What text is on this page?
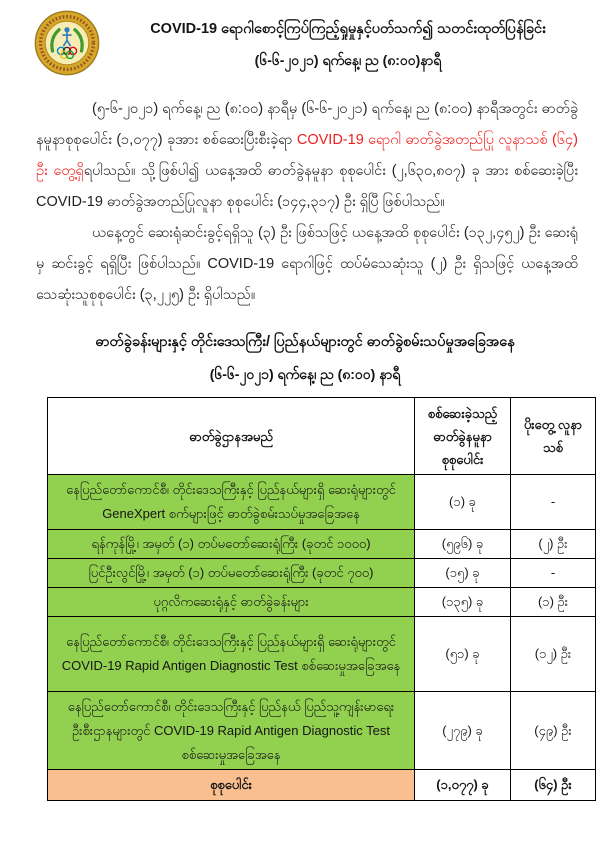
COVID-19 ရောဂါစောင့်ကြပ်ကြည့်ရှုမှုနှင့်ပတ်သက်၍ သတင်းထုတ်ပြန်ခြင်း
(၆-၆-၂၀၂၁) ရက်နေ့၊ ည (၈:၀၀)နာရီ

(၅-၆-၂၀၂၁) ရက်နေ့၊ ည (၈:၀၀) နာရီမှ (၆-၆-၂၀၂၁) ရက်နေ့၊ ည (၈:၀၀) နာရီအတွင်း ဓာတ်ခွဲနမူနာစုစုပေါင်း (၁,၀၇၇) ခုအား စစ်ဆေးပြီးစီးခဲ့ရာ COVID-19 ရောဂါ ဓာတ်ခွဲအတည်ပြု လူနာသစ် (၆၄) ဦး တွေ့ရှိရပါသည်။ သို့ဖြစ်ပါ၍ ယနေ့အထိ ဓာတ်ခွဲနမူနာ စုစုပေါင်း (၂,၆၃၀,၈၀၇) ခု အား စစ်ဆေးခဲ့ပြီး COVID-19 ဓာတ်ခွဲအတည်ပြုလူနာ စုစုပေါင်း (၁၄၄,၃၁၇) ဦး ရှိပြီ ဖြစ်ပါသည်။

ယနေ့တွင် ဆေးရုံဆင်းခွင့်ရရှိသူ (၃) ဦး ဖြစ်သဖြင့် ယနေ့အထိ စုစုပေါင်း (၁၃၂,၄၅၂) ဦး ဆေးရုံမှ ဆင်းခွင့် ရရှိပြီး ဖြစ်ပါသည်။ COVID-19 ရောဂါဖြင့် ထပ်မံသေဆုံးသူ (၂) ဦး ရှိသဖြင့် ယနေ့အထိ သေဆုံးသူစုစုပေါင်း (၃,၂၂၅) ဦး ရှိပါသည်။

ဓာတ်ခွဲခန်းများနှင့် တိုင်းဒေသကြီး/ ပြည်နယ်များတွင် ဓာတ်ခွဲစမ်းသပ်မှုအခြေအနေ
(၆-၆-၂၀၂၁) ရက်နေ့၊ ည (၈:၀၀) နာရီ
ဓာတ်ခွဲဌာနအမည်	စစ်ဆေးခဲ့သည့် ဓာတ်ခွဲနမူနာ စုစုပေါင်း	ပိုးတွေ့ လူနာသစ်
နေပြည်တော်ကောင်စီ၊ တိုင်းဒေသကြီးနှင့် ပြည်နယ်များရှိ ဆေးရုံများတွင် GeneXpert စက်များဖြင့် ဓာတ်ခွဲစမ်းသပ်မှုအခြေအနေ	(၁) ခု	-
ရန်ကုန်မြို့၊ အမှတ် (၁) တပ်မတော်ဆေးရုံကြီး (ခုတင် ၁၀၀၀)	(၅၉၆) ခု	(၂) ဦး
ပြင်ဦးလွင်မြို့၊ အမှတ် (၁) တပ်မတော်ဆေးရုံကြီး (ခုတင် ၇၀၀)	(၁၅) ခု	-
ပုဂ္ဂလိကဆေးရုံနှင့် ဓာတ်ခွဲခန်းများ	(၁၃၅) ခု	(၁) ဦး
နေပြည်တော်ကောင်စီ၊ တိုင်းဒေသကြီးနှင့် ပြည်နယ်များရှိ ဆေးရုံများတွင် COVID-19 Rapid Antigen Diagnostic Test စစ်ဆေးမှုအခြေအနေ	(၅၁) ခု	(၁၂) ဦး
နေပြည်တော်ကောင်စီ၊ တိုင်းဒေသကြီးနှင့် ပြည်နယ် ပြည်သူ့ကျန်းမာရေးဦးစီးဌာနများတွင် COVID-19 Rapid Antigen Diagnostic Test စစ်ဆေးမှုအခြေအနေ	(၂၇၉) ခု	(၄၉) ဦး
စုစုပေါင်း	(၁,၀၇၇) ခု	(၆၄) ဦး
